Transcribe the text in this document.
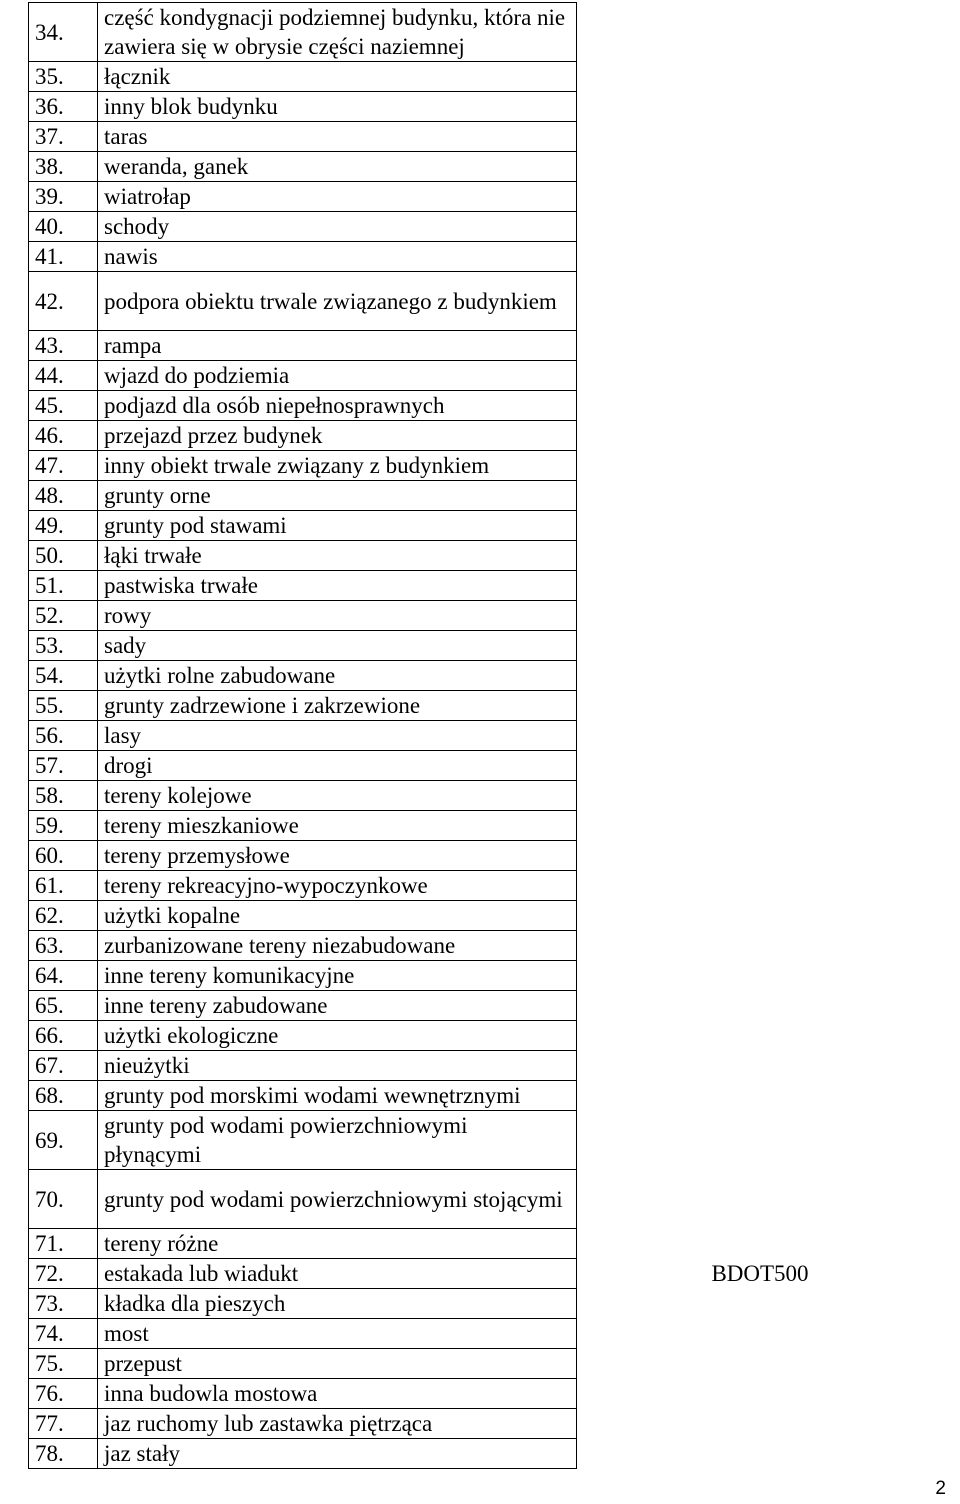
34.	część kondygnacji podziemnej budynku, która nie zawiera się w obrysie części naziemnej	
35.	łącznik	
36.	inny blok budynku	
37.	taras	
38.	weranda, ganek	
39.	wiatrołap	
40.	schody	
41.	nawis	
42.	podpora obiektu trwale związanego z budynkiem	
43.	rampa	
44.	wjazd do podziemia	
45.	podjazd dla osób niepełnosprawnych	
46.	przejazd przez budynek	
47.	inny obiekt trwale związany z budynkiem	
48.	grunty orne	
49.	grunty pod stawami	
50.	łąki trwałe	
51.	pastwiska trwałe	
52.	rowy	
53.	sady	
54.	użytki rolne zabudowane	
55.	grunty zadrzewione i zakrzewione	
56.	lasy	
57.	drogi	
58.	tereny kolejowe	
59.	tereny mieszkaniowe	
60.	tereny przemysłowe	
61.	tereny rekreacyjno-wypoczynkowe	
62.	użytki kopalne	
63.	zurbanizowane tereny niezabudowane	
64.	inne tereny komunikacyjne	
65.	inne tereny zabudowane	
66.	użytki ekologiczne	
67.	nieużytki	
68.	grunty pod morskimi wodami wewnętrznymi	
69.	grunty pod wodami powierzchniowymi płynącymi	
70.	grunty pod wodami powierzchniowymi stojącymi	
71.	tereny różne	
72.	estakada lub wiadukt	BDOT500
73.	kładka dla pieszych	
74.	most	
75.	przepust	
76.	inna budowla mostowa	
77.	jaz ruchomy lub zastawka piętrząca	
78.	jaz stały	
2
